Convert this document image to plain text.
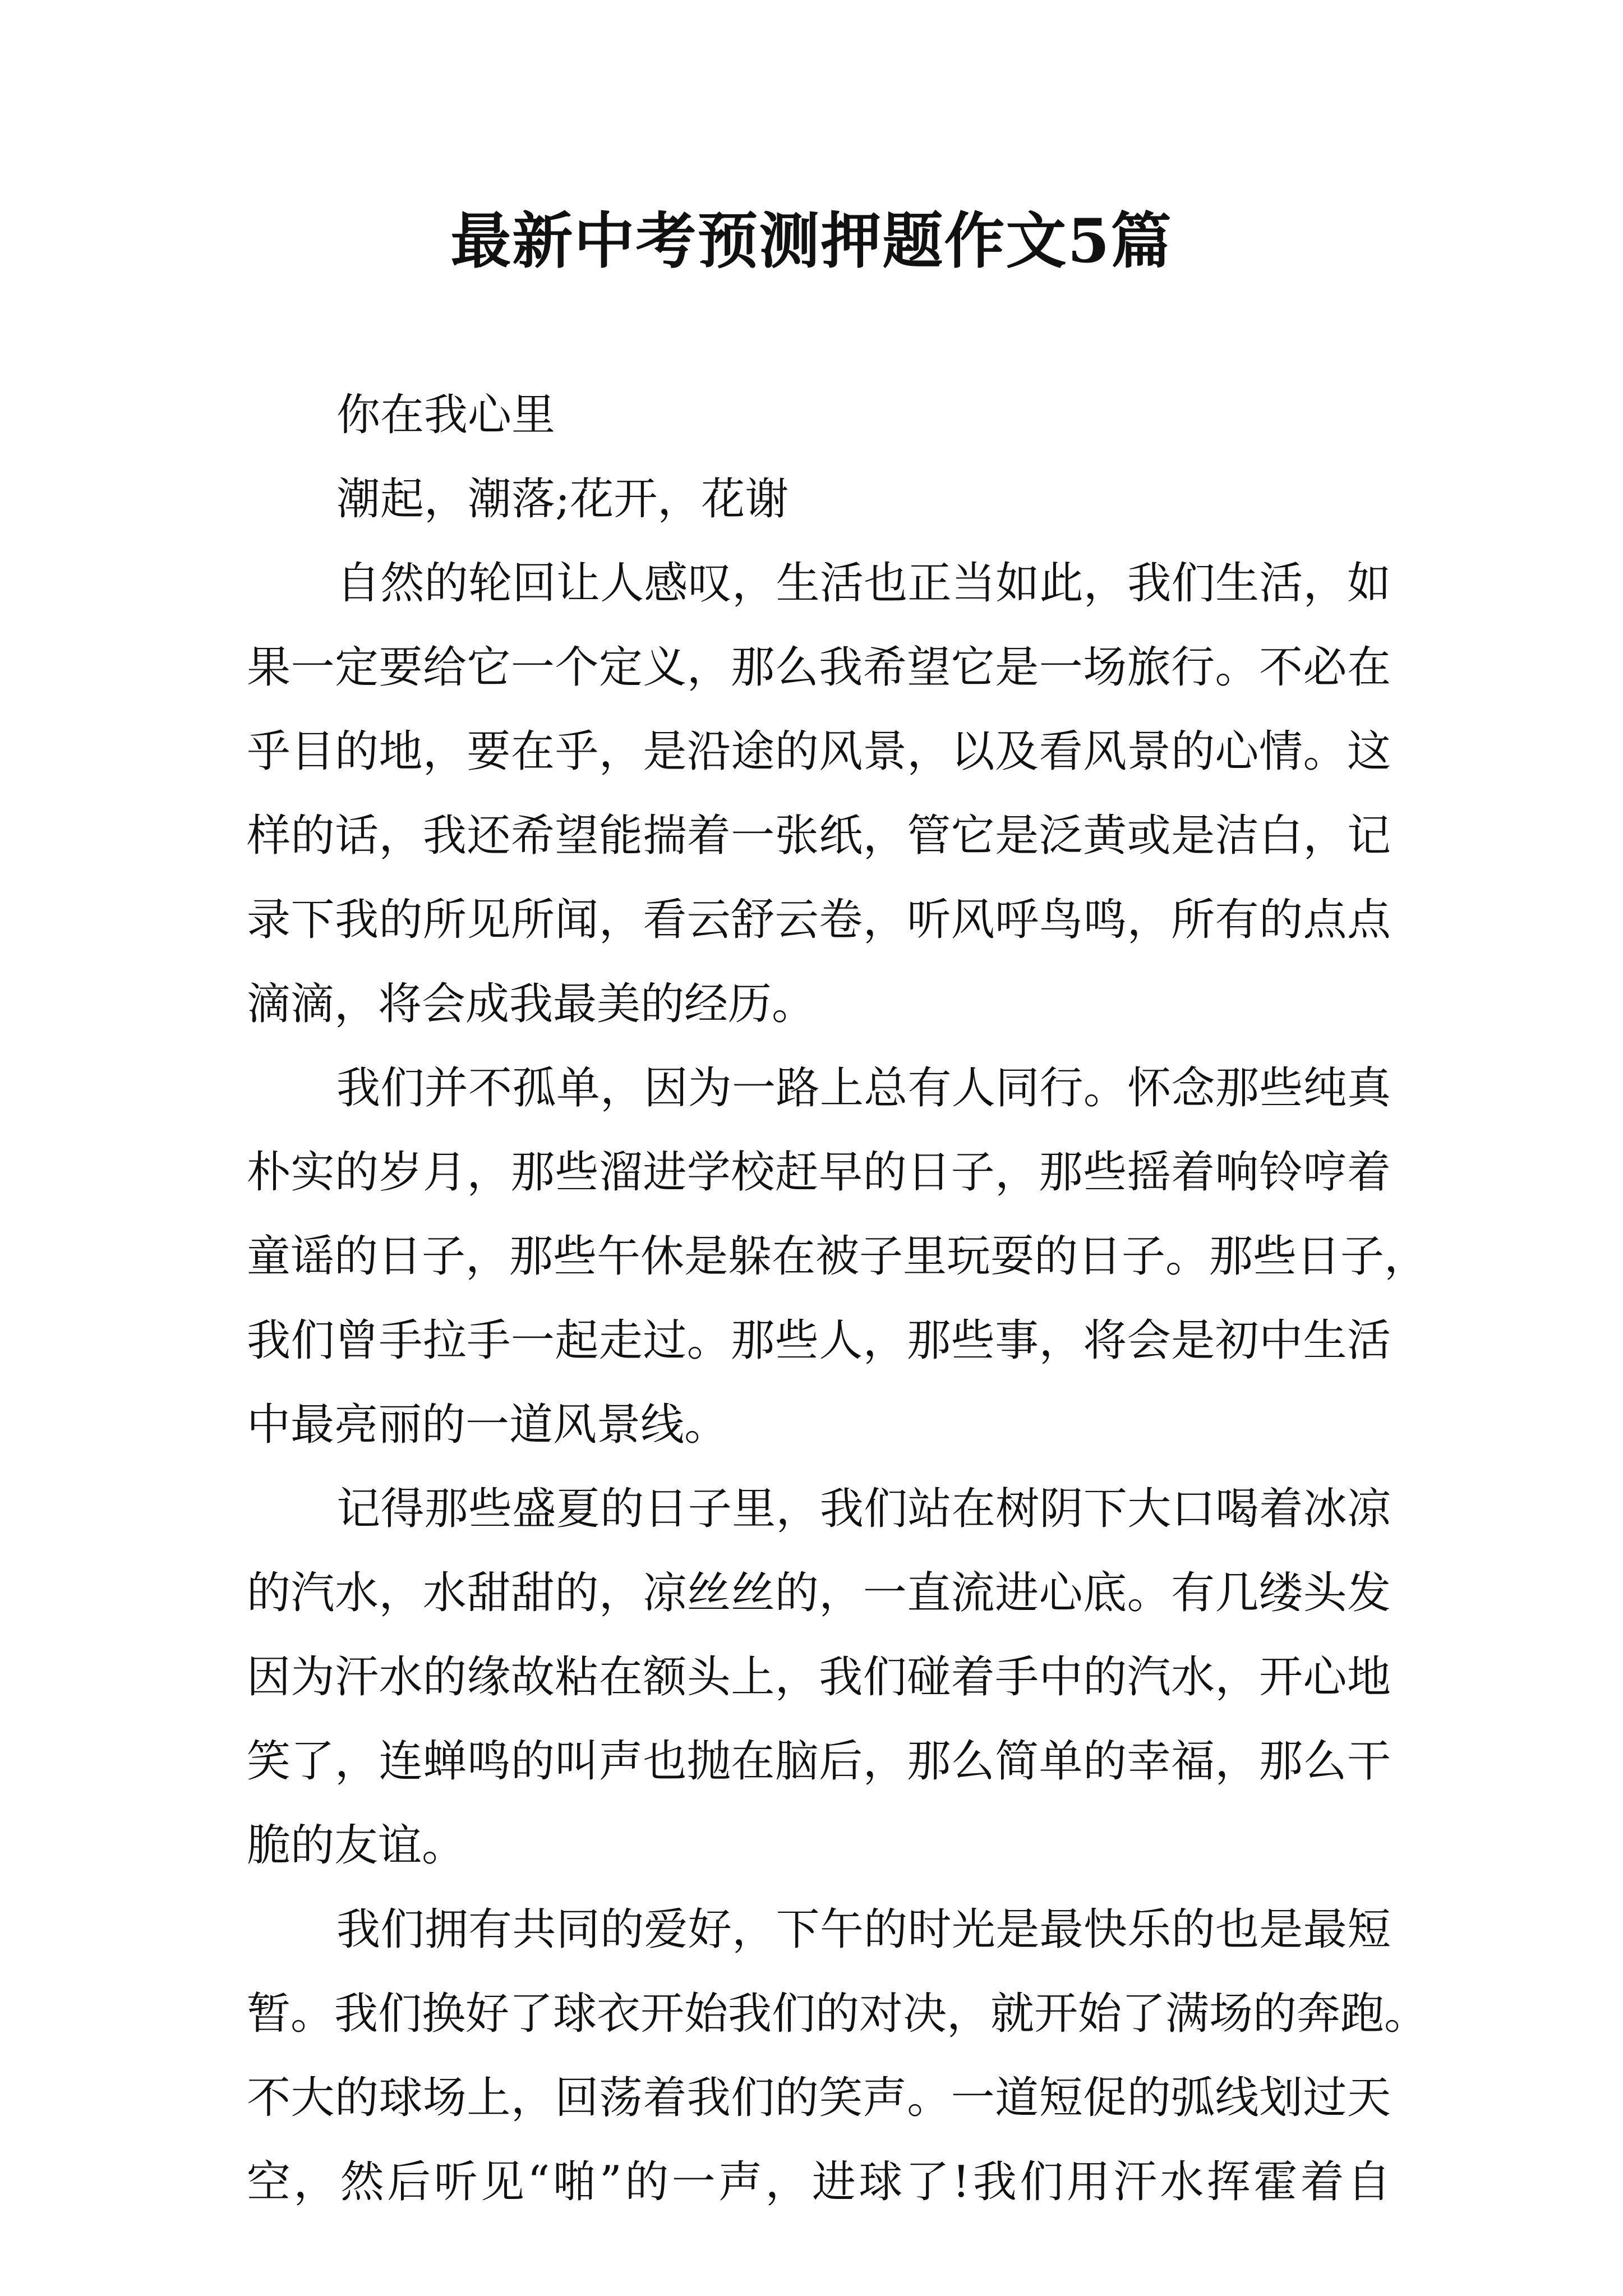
最新中考预测押题作文5篇
你在我心里
潮起，潮落;花开，花谢
自然的轮回让人感叹，生活也正当如此，我们生活，如
果一定要给它一个定义，那么我希望它是一场旅行。不必在
乎目的地，要在乎，是沿途的风景，以及看风景的心情。这
样的话，我还希望能揣着一张纸，管它是泛黄或是洁白，记
录下我的所见所闻，看云舒云卷，听风呼鸟鸣，所有的点点
滴滴，将会成我最美的经历。
我们并不孤单，因为一路上总有人同行。怀念那些纯真
朴实的岁月，那些溜进学校赶早的日子，那些摇着响铃哼着
童谣的日子，那些午休是躲在被子里玩耍的日子。那些日子，
我们曾手拉手一起走过。那些人，那些事，将会是初中生活
中最亮丽的一道风景线。
记得那些盛夏的日子里，我们站在树阴下大口喝着冰凉
的汽水，水甜甜的，凉丝丝的，一直流进心底。有几缕头发
因为汗水的缘故粘在额头上，我们碰着手中的汽水，开心地
笑了，连蝉鸣的叫声也抛在脑后，那么简单的幸福，那么干
脆的友谊。
我们拥有共同的爱好，下午的时光是最快乐的也是最短
暂。我们换好了球衣开始我们的对决，就开始了满场的奔跑。
不大的球场上，回荡着我们的笑声。一道短促的弧线划过天
空，然后听见“啪”的一声，进球了!我们用汗水挥霍着自
